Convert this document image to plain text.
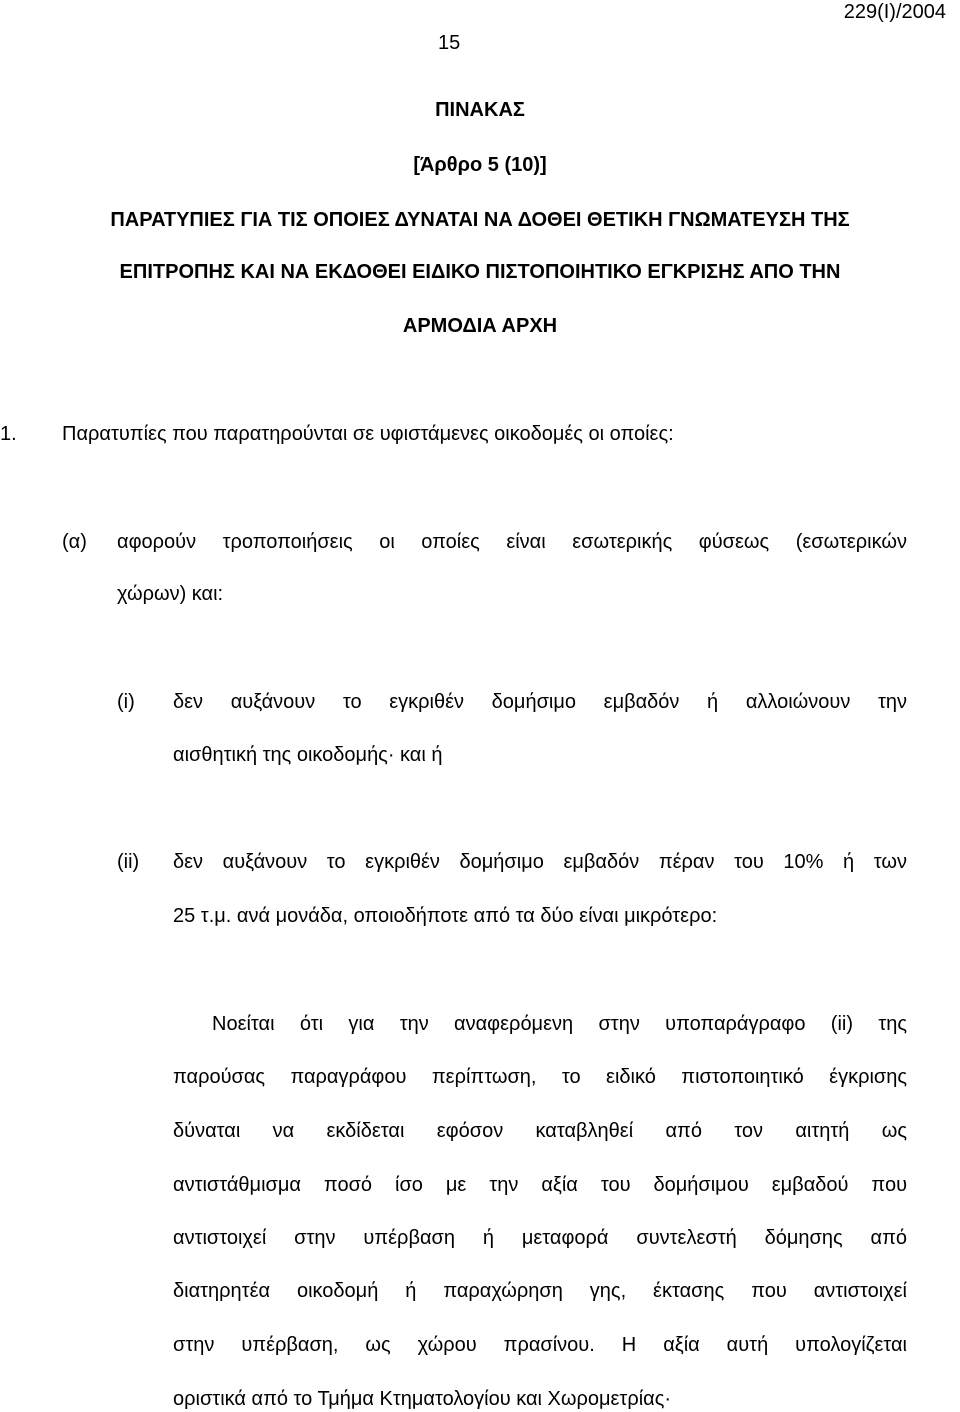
229(Ι)/2004
15
ΠΙΝΑΚΑΣ
[Άρθρο 5 (10)]
ΠΑΡΑΤΥΠΙΕΣ ΓΙΑ ΤΙΣ ΟΠΟΙΕΣ ΔΥΝΑΤΑΙ ΝΑ ΔΟΘΕΙ ΘΕΤΙΚΗ ΓΝΩΜΑΤΕΥΣΗ ΤΗΣ
ΕΠΙΤΡΟΠΗΣ ΚΑΙ ΝΑ ΕΚΔΟΘΕΙ ΕΙΔΙΚΟ ΠΙΣΤΟΠΟΙΗΤΙΚΟ ΕΓΚΡΙΣΗΣ ΑΠΟ ΤΗΝ
ΑΡΜΟΔΙΑ ΑΡΧΗ
1. Παρατυπίες που παρατηρούνται σε υφιστάμενες οικοδομές οι οποίες:
(α) αφορούν τροποποιήσεις οι οποίες είναι εσωτερικής φύσεως (εσωτερικών
χώρων) και:
(i) δεν αυξάνουν το εγκριθέν δομήσιμο εμβαδόν ή αλλοιώνουν την
αισθητική της οικοδομής· και ή
(ii) δεν αυξάνουν το εγκριθέν δομήσιμο εμβαδόν πέραν του 10% ή των
25 τ.μ. ανά μονάδα, οποιοδήποτε από τα δύο είναι μικρότερο:
Νοείται ότι για την αναφερόμενη στην υποπαράγραφο (ii) της
παρούσας παραγράφου περίπτωση, το ειδικό πιστοποιητικό έγκρισης
δύναται να εκδίδεται εφόσον καταβληθεί από τον αιτητή ως
αντιστάθμισμα ποσό ίσο με την αξία του δομήσιμου εμβαδού που
αντιστοιχεί στην υπέρβαση ή μεταφορά συντελεστή δόμησης από
διατηρητέα οικοδομή ή παραχώρηση γης, έκτασης που αντιστοιχεί
στην υπέρβαση, ως χώρου πρασίνου. Η αξία αυτή υπολογίζεται
οριστικά από το Τμήμα Κτηματολογίου και Χωρομετρίας·
